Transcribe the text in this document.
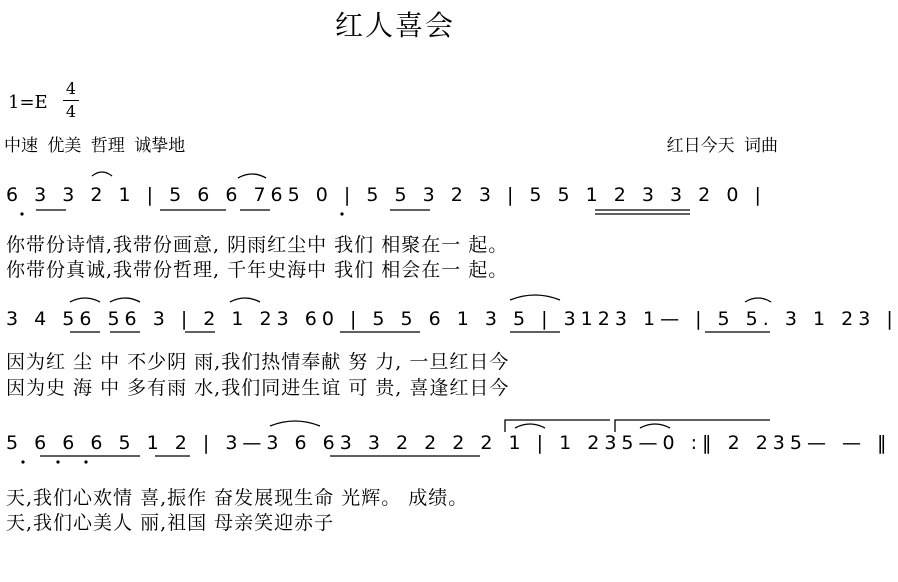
红人喜会
1=E
4
4
中速 优美 哲理 诚挚地	红日今天 词曲
6 3 3 2 1 | 5 6 6 765 0 | 5 5 3 2 3 | 5 5 1 2 3 3 2 0 |
你带份诗情,我带份画意, 阴雨红尘中 我们 相聚在一 起。
你带份真诚,我带份哲理, 千年史海中 我们 相会在一 起。
3 4 56 56 3 | 2 1 23 60 | 5 5 6 1 3 5 | 3123 1— | 5 5. 3 1 23 |
因为红 尘 中 不少阴 雨,我们热情奉献 努 力, 一旦红日今
因为史 海 中 多有雨 水,我们同进生谊 可 贵, 喜逢红日今
5 6 6 6 5 1 2 | 3—3 6 63 3 2 2 2 2 1 | 1 235—0 :‖ 2 235— — ‖
天,我们心欢情 喜,振作 奋发展现生命 光辉。 成绩。
天,我们心美人 丽,祖国 母亲笑迎赤子
